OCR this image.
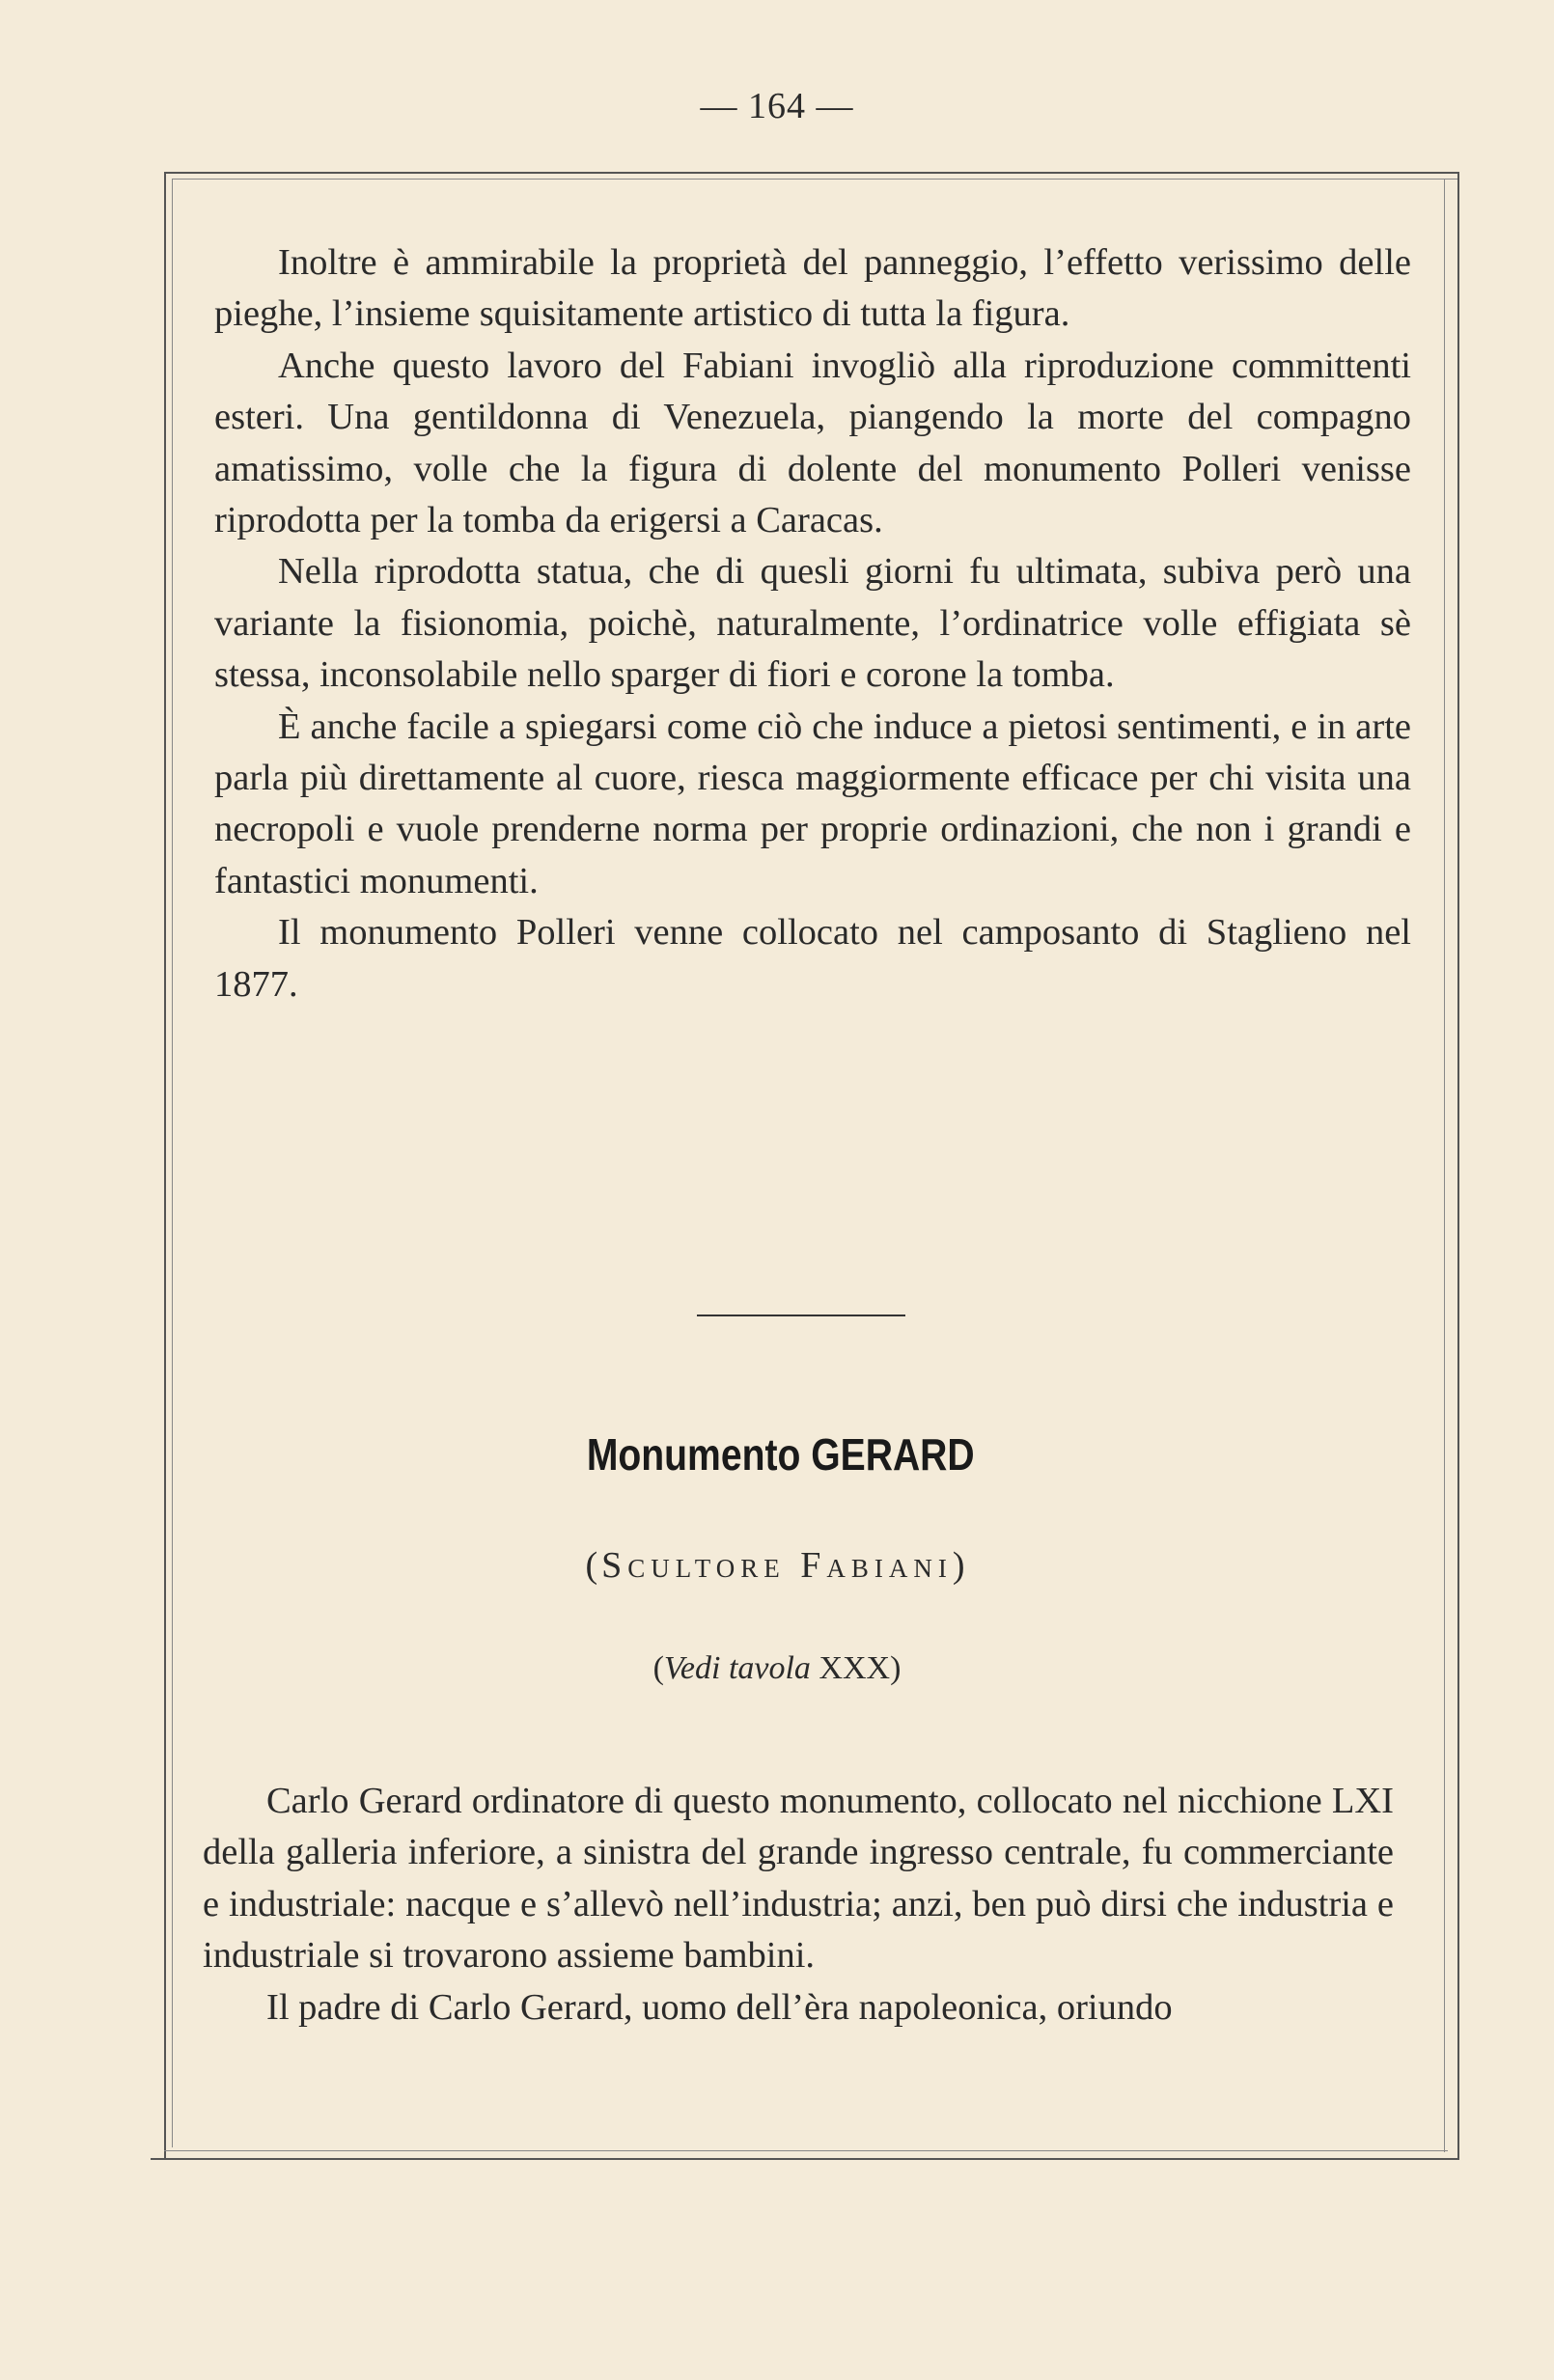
— 164 —

Inoltre è ammirabile la proprietà del panneggio, l’effetto verissimo delle pieghe, l’insieme squisitamente artistico di tutta la figura.

Anche questo lavoro del Fabiani invogliò alla riproduzione committenti esteri. Una gentildonna di Venezuela, piangendo la morte del compagno amatissimo, volle che la figura di dolente del monumento Polleri venisse riprodotta per la tomba da erigersi a Caracas.

Nella riprodotta statua, che di quesli giorni fu ultimata, subiva però una variante la fisionomia, poichè, naturalmente, l’ordinatrice volle effigiata sè stessa, inconsolabile nello sparger di fiori e corone la tomba.

È anche facile a spiegarsi come ciò che induce a pietosi sentimenti, e in arte parla più direttamente al cuore, riesca maggiormente efficace per chi visita una necropoli e vuole prenderne norma per proprie ordinazioni, che non i grandi e fantastici monumenti.

Il monumento Polleri venne collocato nel camposanto di Staglieno nel 1877.

Monumento GERARD
(Scultore Fabiani)
(Vedi tavola XXX)

Carlo Gerard ordinatore di questo monumento, collocato nel nicchione LXI della galleria inferiore, a sinistra del grande ingresso centrale, fu commerciante e industriale: nacque e s’allevò nell’industria; anzi, ben può dirsi che industria e industriale si trovarono assieme bambini.

Il padre di Carlo Gerard, uomo dell’èra napoleonica, oriundo
